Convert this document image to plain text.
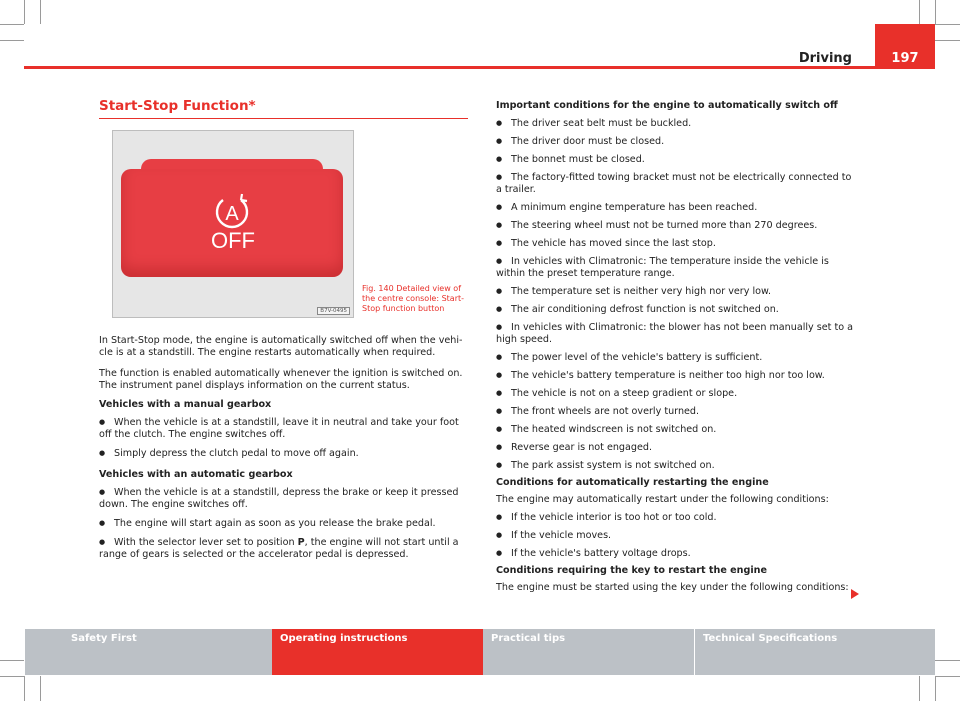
Driving	197
Start-Stop Function*
A
OFF
B7V-0495
Fig. 140 Detailed view of the centre console: Start-Stop function button

In Start-Stop mode, the engine is automatically switched off when the vehi-cle is at a standstill. The engine restarts automatically when required.

The function is enabled automatically whenever the ignition is switched on. The instrument panel displays information on the current status.

Vehicles with a manual gearbox

● When the vehicle is at a standstill, leave it in neutral and take your foot off the clutch. The engine switches off.

● Simply depress the clutch pedal to move off again.

Vehicles with an automatic gearbox

● When the vehicle is at a standstill, depress the brake or keep it pressed down. The engine switches off.

● The engine will start again as soon as you release the brake pedal.

● With the selector lever set to position P, the engine will not start until a range of gears is selected or the accelerator pedal is depressed.

Important conditions for the engine to automatically switch off

● The driver seat belt must be buckled.

● The driver door must be closed.

● The bonnet must be closed.

● The factory-fitted towing bracket must not be electrically connected to a trailer.

● A minimum engine temperature has been reached.

● The steering wheel must not be turned more than 270 degrees.

● The vehicle has moved since the last stop.

● In vehicles with Climatronic: The temperature inside the vehicle is within the preset temperature range.

● The temperature set is neither very high nor very low.

● The air conditioning defrost function is not switched on.

● In vehicles with Climatronic: the blower has not been manually set to a high speed.

● The power level of the vehicle's battery is sufficient.

● The vehicle's battery temperature is neither too high nor too low.

● The vehicle is not on a steep gradient or slope.

● The front wheels are not overly turned.

● The heated windscreen is not switched on.

● Reverse gear is not engaged.

● The park assist system is not switched on.

Conditions for automatically restarting the engine

The engine may automatically restart under the following conditions:

● If the vehicle interior is too hot or too cold.

● If the vehicle moves.

● If the vehicle's battery voltage drops.

Conditions requiring the key to restart the engine

The engine must be started using the key under the following conditions:

Safety First	Operating instructions	Practical tips	Technical Specifications
